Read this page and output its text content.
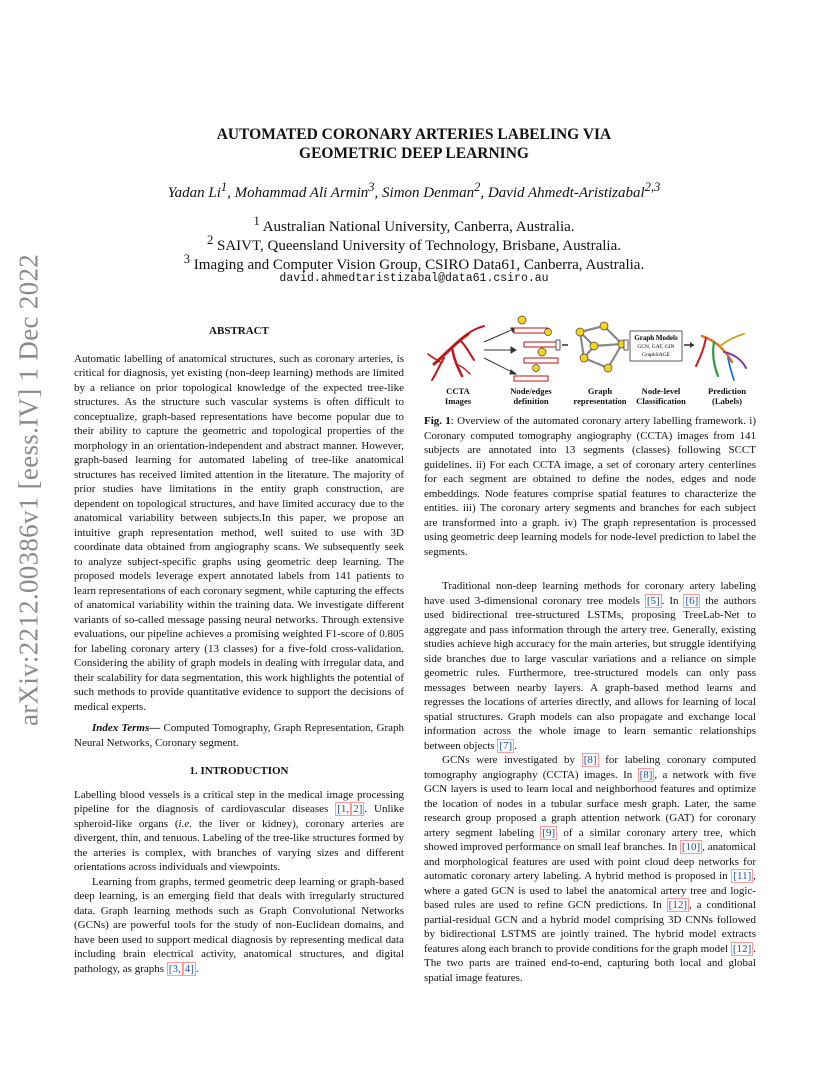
arXiv:2212.00386v1 [eess.IV] 1 Dec 2022
AUTOMATED CORONARY ARTERIES LABELING VIA
GEOMETRIC DEEP LEARNING
Yadan Li$^1$, Mohammad Ali Armin$^3$, Simon Denman$^2$, David Ahmedt-Aristizabal$^{2,3}$
$^1$ Australian National University, Canberra, Australia.
$^2$ SAIVT, Queensland University of Technology, Brisbane, Australia.
$^3$ Imaging and Computer Vision Group, CSIRO Data61, Canberra, Australia.
david.ahmedtaristizabal@data61.csiro.au

ABSTRACT

Automatic labelling of anatomical structures, such as coronary arteries, is critical for diagnosis, yet existing (non-deep learning) methods are limited by a reliance on prior topological knowledge of the expected tree-like structures. As the structure such vascular systems is often difficult to conceptualize, graph-based representations have become popular due to their ability to capture the geometric and topological properties of the morphology in an orientation-independent and abstract manner. However, graph-based learning for automated labeling of tree-like anatomical structures has received limited attention in the literature. The majority of prior studies have limitations in the entity graph construction, are dependent on topological structures, and have limited accuracy due to the anatomical variability between subjects.In this paper, we propose an intuitive graph representation method, well suited to use with 3D coordinate data obtained from angiography scans. We subsequently seek to analyze subject-specific graphs using geometric deep learning. The proposed models leverage expert annotated labels from 141 patients to learn representations of each coronary segment, while capturing the effects of anatomical variability within the training data. We investigate different variants of so-called message passing neural networks. Through extensive evaluations, our pipeline achieves a promising weighted F1-score of 0.805 for labeling coronary artery (13 classes) for a five-fold cross-validation. Considering the ability of graph models in dealing with irregular data, and their scalability for data segmentation, this work highlights the potential of such methods to provide quantitative evidence to support the decisions of medical experts.

Index Terms— Computed Tomography, Graph Representation, Graph Neural Networks, Coronary segment.

1. INTRODUCTION

Labelling blood vessels is a critical step in the medical image processing pipeline for the diagnosis of cardiovascular diseases [1, 2] . Unlike spheroid-like organs (i.e. the liver or kidney), coronary arteries are divergent, thin, and tenuous. Labeling of the tree-like structures formed by the arteries is complex, with branches of varying sizes and different orientations across individuals and viewpoints.

Learning from graphs, termed geometric deep learning or graph-based deep learning, is an emerging field that deals with irregularly structured data. Graph learning methods such as Graph Convolutional Networks (GCNs) are powerful tools for the study of non-Euclidean domains, and have been used to support medical diagnosis by representing medical data including brain electrical activity, anatomical structures, and digital pathology, as graphs [3, 4] .

Graph Models
GCN, GAT, GIN
GraphSAGE
CCTA
Images
Node/edges
definition
Graph
representation
Node-level
Classification
Prediction
(Labels)

Fig. 1: Overview of the automated coronary artery labelling framework. i) Coronary computed tomography angiography (CCTA) images from 141 subjects are annotated into 13 segments (classes) following SCCT guidelines. ii) For each CCTA image, a set of coronary artery centerlines for each segment are obtained to define the nodes, edges and node embeddings. Node features comprise spatial features to characterize the entities. iii) The coronary artery segments and branches for each subject are transformed into a graph. iv) The graph representation is processed using geometric deep learning models for node-level prediction to label the segments.

Traditional non-deep learning methods for coronary artery labeling have used 3-dimensional coronary tree models [5] . In [6] the authors used bidirectional tree-structured LSTMs, proposing TreeLab-Net to aggregate and pass information through the artery tree. Generally, existing studies achieve high accuracy for the main arteries, but struggle identifying side branches due to large vascular variations and a reliance on simple geometric rules. Furthermore, tree-structured models can only pass messages between nearby layers. A graph-based method learns and regresses the locations of arteries directly, and allows for learning of local spatial structures. Graph models can also propagate and exchange local information across the whole image to learn semantic relationships between objects [7] .

GCNs were investigated by [8] for labeling coronary computed tomography angiography (CCTA) images. In [8] , a network with five GCN layers is used to learn local and neighborhood features and optimize the location of nodes in a tubular surface mesh graph. Later, the same research group proposed a graph attention network (GAT) for coronary artery segment labeling [9] of a similar coronary artery tree, which showed improved performance on small leaf branches. In [10] , anatomical and morphological features are used with point cloud deep networks for automatic coronary artery labeling. A hybrid method is proposed in [11] , where a gated GCN is used to label the anatomical artery tree and logic-based rules are used to refine GCN predictions. In [12] , a conditional partial-residual GCN and a hybrid model comprising 3D CNNs followed by bidirectional LSTMS are jointly trained. The hybrid model extracts features along each branch to provide conditions for the graph model [12] . The two parts are trained end-to-end, capturing both local and global spatial image features.
